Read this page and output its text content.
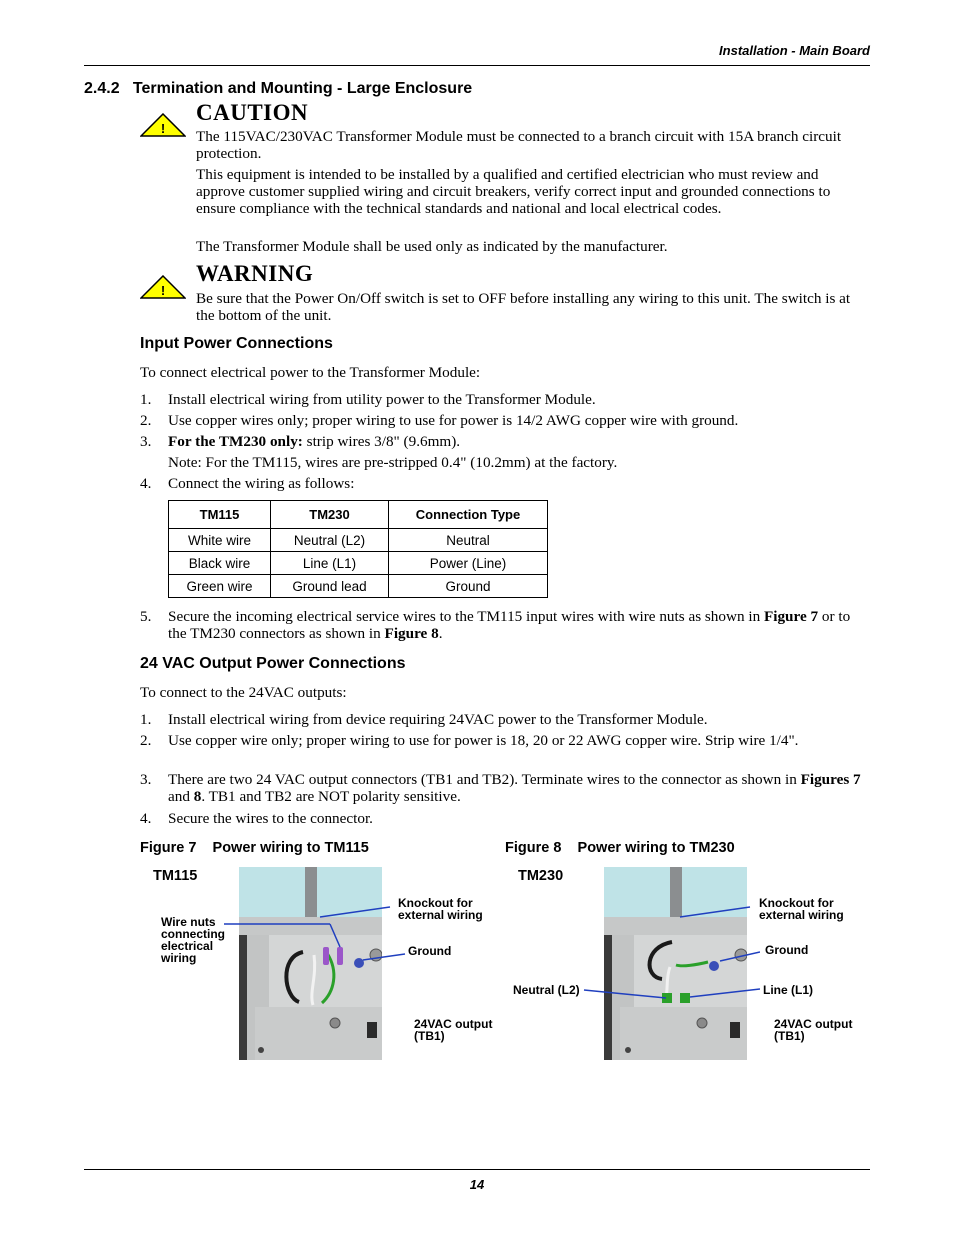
Installation - Main Board
2.4.2   Termination and Mounting - Large Enclosure
!
CAUTION
The 115VAC/230VAC Transformer Module must be connected to a branch circuit with 15A branch circuit protection.
This equipment is intended to be installed by a qualified and certified electrician who must review and approve customer supplied wiring and circuit breakers, verify correct input and grounded connections to ensure compliance with the technical standards and national and local electrical codes.
The Transformer Module shall be used only as indicated by the manufacturer.
!
WARNING
Be sure that the Power On/Off switch is set to OFF before installing any wiring to this unit. The switch is at the bottom of the unit.
Input Power Connections
To connect electrical power to the Transformer Module:
1. Install electrical wiring from utility power to the Transformer Module.
2. Use copper wires only; proper wiring to use for power is 14/2 AWG copper wire with ground.
3. For the TM230 only: strip wires 3/8" (9.6mm).
Note: For the TM115, wires are pre-stripped 0.4" (10.2mm) at the factory.
4. Connect the wiring as follows:
TM115	TM230	Connection Type
White wire	Neutral (L2)	Neutral
Black wire	Line (L1)	Power (Line)
Green wire	Ground lead	Ground
5. Secure the incoming electrical service wires to the TM115 input wires with wire nuts as shown in Figure 7 or to the TM230 connectors as shown in Figure 8.
24 VAC Output Power Connections
To connect to the 24VAC outputs:
1. Install electrical wiring from device requiring 24VAC power to the Transformer Module.
2. Use copper wire only; proper wiring to use for power is 18, 20 or 22 AWG copper wire. Strip wire 1/4".
3. There are two 24 VAC output connectors (TB1 and TB2). Terminate wires to the connector as shown in Figures 7 and 8. TB1 and TB2 are NOT polarity sensitive.
4. Secure the wires to the connector.
Figure 7 Power wiring to TM115	Figure 8 Power wiring to TM230
TM115
Knockout for external wiring
Wire nuts connecting electrical wiring	Ground
24VAC output (TB1)
TM230
Knockout for external wiring
Ground
Neutral (L2)	Line (L1)
24VAC output (TB1)
14
